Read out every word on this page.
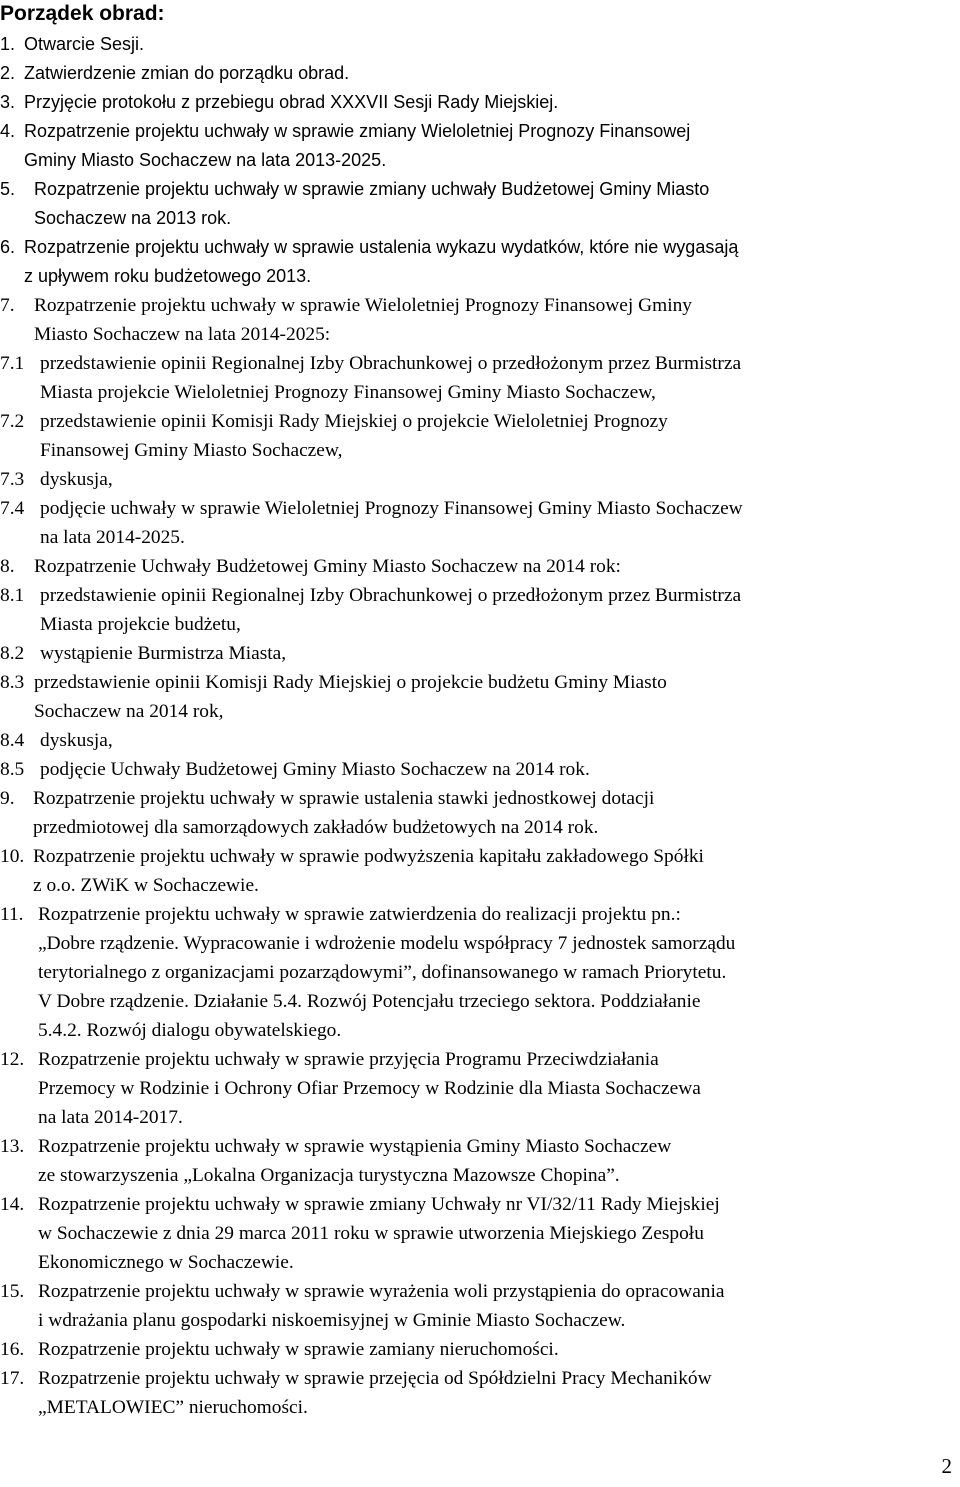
Porządek obrad:
1. Otwarcie Sesji.
2. Zatwierdzenie zmian do porządku obrad.
3. Przyjęcie protokołu z przebiegu obrad XXXVII Sesji Rady Miejskiej.
4. Rozpatrzenie projektu uchwały w sprawie zmiany Wieloletniej Prognozy Finansowej
Gminy Miasto Sochaczew na lata 2013-2025.
5. Rozpatrzenie projektu uchwały w sprawie zmiany uchwały Budżetowej Gminy Miasto
Sochaczew na 2013 rok.
6. Rozpatrzenie projektu uchwały w sprawie ustalenia wykazu wydatków, które nie wygasają
z upływem roku budżetowego 2013.
7. Rozpatrzenie projektu uchwały w sprawie Wieloletniej Prognozy Finansowej Gminy
Miasto Sochaczew na lata 2014-2025:
7.1 przedstawienie opinii Regionalnej Izby Obrachunkowej o przedłożonym przez Burmistrza
Miasta projekcie Wieloletniej Prognozy Finansowej Gminy Miasto Sochaczew,
7.2 przedstawienie opinii Komisji Rady Miejskiej o projekcie Wieloletniej Prognozy
Finansowej Gminy Miasto Sochaczew,
7.3 dyskusja,
7.4 podjęcie uchwały w sprawie Wieloletniej Prognozy Finansowej Gminy Miasto Sochaczew
na lata 2014-2025.
8. Rozpatrzenie Uchwały Budżetowej Gminy Miasto Sochaczew na 2014 rok:
8.1 przedstawienie opinii Regionalnej Izby Obrachunkowej o przedłożonym przez Burmistrza
Miasta projekcie budżetu,
8.2 wystąpienie Burmistrza Miasta,
8.3 przedstawienie opinii Komisji Rady Miejskiej o projekcie budżetu Gminy Miasto
Sochaczew na 2014 rok,
8.4 dyskusja,
8.5 podjęcie Uchwały Budżetowej Gminy Miasto Sochaczew na 2014 rok.
9. Rozpatrzenie projektu uchwały w sprawie ustalenia stawki jednostkowej dotacji
przedmiotowej dla samorządowych zakładów budżetowych na 2014 rok.
10. Rozpatrzenie projektu uchwały w sprawie podwyższenia kapitału zakładowego Spółki
z o.o. ZWiK w Sochaczewie.
11. Rozpatrzenie projektu uchwały w sprawie zatwierdzenia do realizacji projektu pn.:
„Dobre rządzenie. Wypracowanie i wdrożenie modelu współpracy 7 jednostek samorządu
terytorialnego z organizacjami pozarządowymi”, dofinansowanego w ramach Priorytetu.
V Dobre rządzenie. Działanie 5.4. Rozwój Potencjału trzeciego sektora. Poddziałanie
5.4.2. Rozwój dialogu obywatelskiego.
12. Rozpatrzenie projektu uchwały w sprawie przyjęcia Programu Przeciwdziałania
Przemocy w Rodzinie i Ochrony Ofiar Przemocy w Rodzinie dla Miasta Sochaczewa
na lata 2014-2017.
13. Rozpatrzenie projektu uchwały w sprawie wystąpienia Gminy Miasto Sochaczew
ze stowarzyszenia „Lokalna Organizacja turystyczna Mazowsze Chopina”.
14. Rozpatrzenie projektu uchwały w sprawie zmiany Uchwały nr VI/32/11 Rady Miejskiej
w Sochaczewie z dnia 29 marca 2011 roku w sprawie utworzenia Miejskiego Zespołu
Ekonomicznego w Sochaczewie.
15. Rozpatrzenie projektu uchwały w sprawie wyrażenia woli przystąpienia do opracowania
i wdrażania planu gospodarki niskoemisyjnej w Gminie Miasto Sochaczew.
16. Rozpatrzenie projektu uchwały w sprawie zamiany nieruchomości.
17. Rozpatrzenie projektu uchwały w sprawie przejęcia od Spółdzielni Pracy Mechaników
„METALOWIEC” nieruchomości.
2
